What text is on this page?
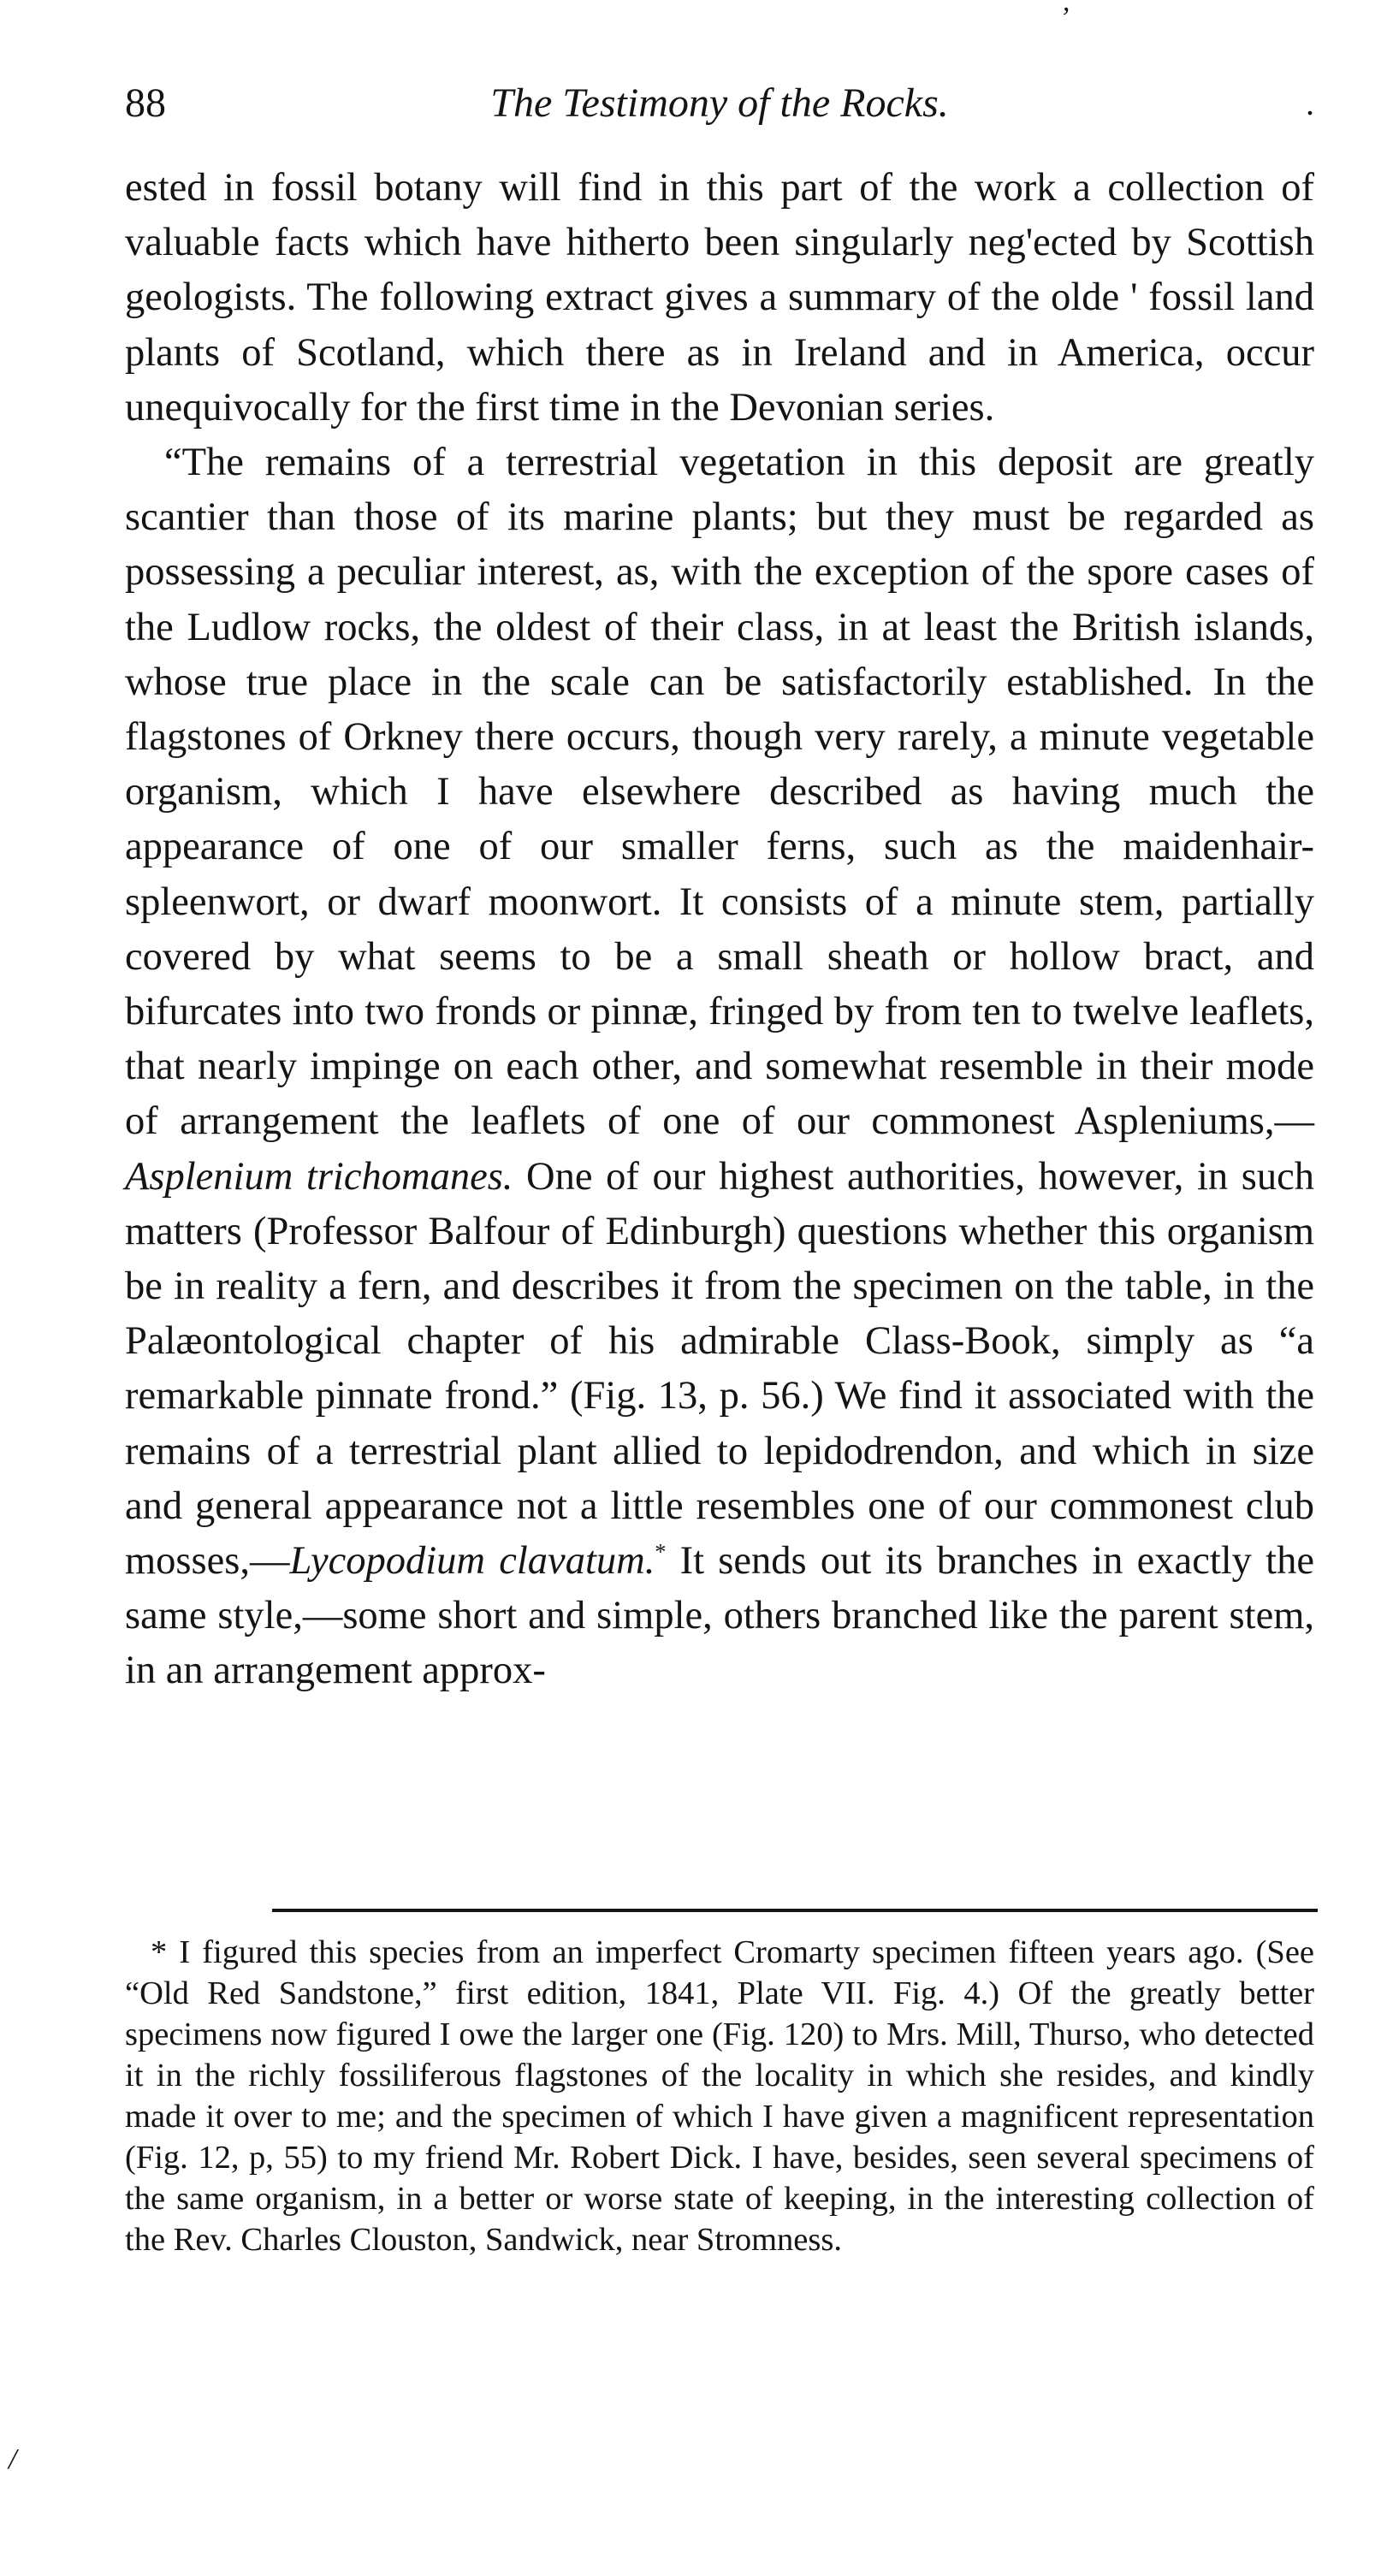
’
88	The Testimony of the Rocks.	.

ested in fossil botany will find in this part of the work a collection of valuable facts which have hitherto been singularly neg'ected by Scottish geologists. The following extract gives a summary of the olde ' fossil land plants of Scotland, which there as in Ireland and in America, occur unequivocally for the first time in the Devonian series.

“The remains of a terrestrial vegetation in this deposit are greatly scantier than those of its marine plants; but they must be regarded as possessing a peculiar interest, as, with the exception of the spore cases of the Ludlow rocks, the oldest of their class, in at least the British islands, whose true place in the scale can be satisfactorily established. In the flagstones of Orkney there occurs, though very rarely, a minute vegetable organism, which I have elsewhere described as having much the appearance of one of our smaller ferns, such as the maidenhair-spleenwort, or dwarf moonwort. It consists of a minute stem, partially covered by what seems to be a small sheath or hollow bract, and bifurcates into two fronds or pinnæ, fringed by from ten to twelve leaflets, that nearly impinge on each other, and somewhat resemble in their mode of arrangement the leaflets of one of our commonest Aspleniums,—Asplenium trichomanes. One of our highest authorities, however, in such matters (Professor Balfour of Edinburgh) questions whether this organism be in reality a fern, and describes it from the specimen on the table, in the Palæontological chapter of his admirable Class-Book, simply as “a remarkable pinnate frond.” (Fig. 13, p. 56.) We find it associated with the remains of a terrestrial plant allied to lepidodrendon, and which in size and general appearance not a little resembles one of our commonest club mosses,—Lycopodium clavatum.* It sends out its branches in exactly the same style,—some short and simple, others branched like the parent stem, in an arrangement approx-

* I figured this species from an imperfect Cromarty specimen fifteen years ago. (See “Old Red Sandstone,” first edition, 1841, Plate VII. Fig. 4.) Of the greatly better specimens now figured I owe the larger one (Fig. 120) to Mrs. Mill, Thurso, who detected it in the richly fossiliferous flagstones of the locality in which she resides, and kindly made it over to me; and the specimen of which I have given a magnificent representation (Fig. 12, p, 55) to my friend Mr. Robert Dick. I have, besides, seen several specimens of the same organism, in a better or worse state of keeping, in the interesting collection of the Rev. Charles Clouston, Sandwick, near Stromness.

/
